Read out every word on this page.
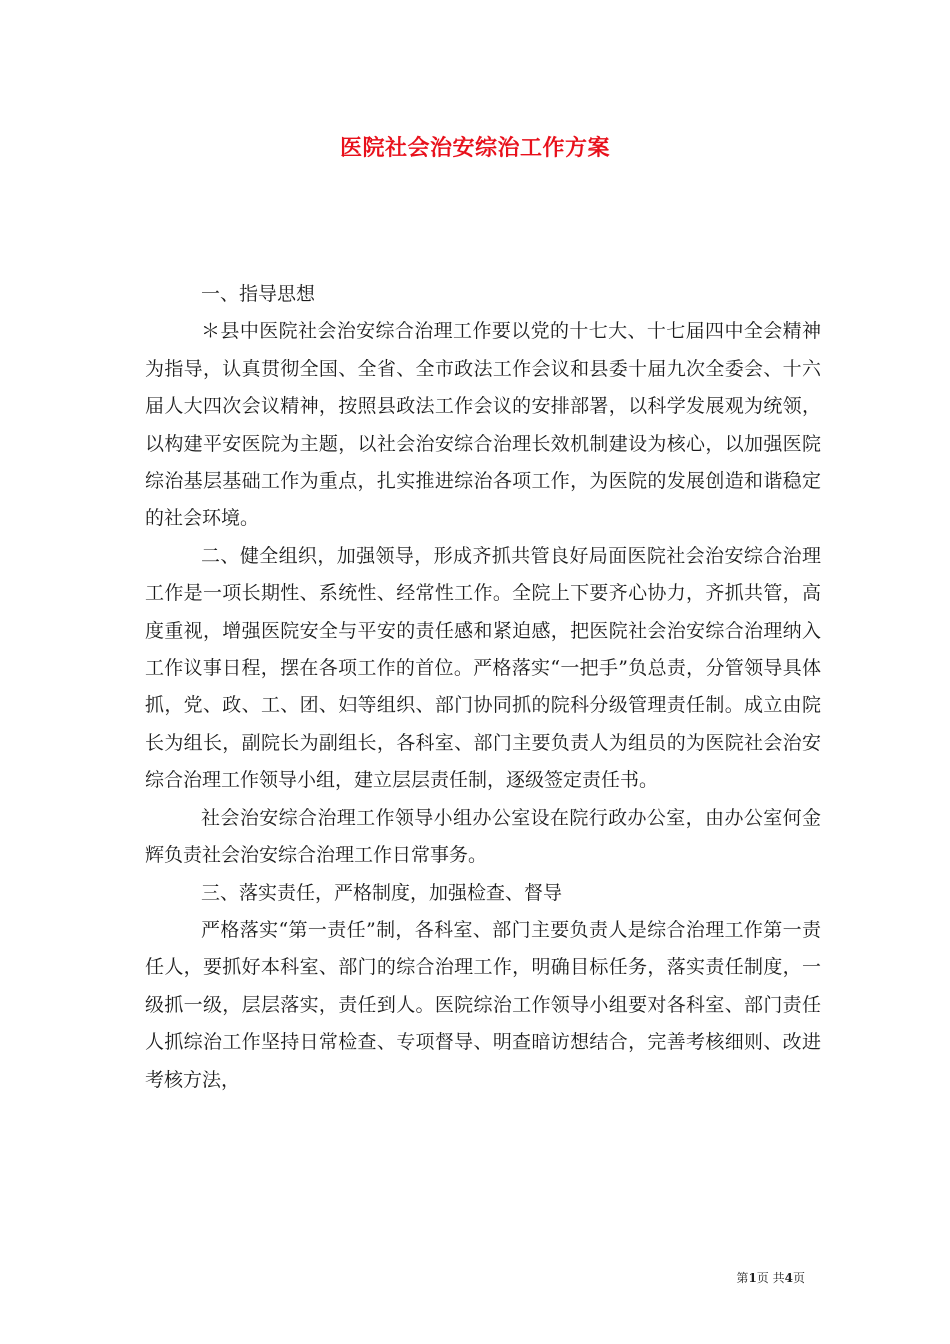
医院社会治安综治工作方案

一、指导思想

＊县中医院社会治安综合治理工作要以党的十七大、十七届四中全会精神为指导，认真贯彻全国、全省、全市政法工作会议和县委十届九次全委会、十六届人大四次会议精神，按照县政法工作会议的安排部署，以科学发展观为统领，以构建平安医院为主题，以社会治安综合治理长效机制建设为核心，以加强医院综治基层基础工作为重点，扎实推进综治各项工作，为医院的发展创造和谐稳定的社会环境。

二、健全组织，加强领导，形成齐抓共管良好局面医院社会治安综合治理工作是一项长期性、系统性、经常性工作。全院上下要齐心协力，齐抓共管，高度重视，增强医院安全与平安的责任感和紧迫感，把医院社会治安综合治理纳入工作议事日程，摆在各项工作的首位。严格落实“一把手”负总责，分管领导具体抓，党、政、工、团、妇等组织、部门协同抓的院科分级管理责任制。成立由院长为组长，副院长为副组长，各科室、部门主要负责人为组员的为医院社会治安综合治理工作领导小组，建立层层责任制，逐级签定责任书。

社会治安综合治理工作领导小组办公室设在院行政办公室，由办公室何金辉负责社会治安综合治理工作日常事务。

三、落实责任，严格制度，加强检查、督导

严格落实“第一责任”制，各科室、部门主要负责人是综合治理工作第一责任人，要抓好本科室、部门的综合治理工作，明确目标任务，落实责任制度，一级抓一级，层层落实，责任到人。医院综治工作领导小组要对各科室、部门责任人抓综治工作坚持日常检查、专项督导、明查暗访想结合，完善考核细则、改进考核方法，

第1页 共4页
